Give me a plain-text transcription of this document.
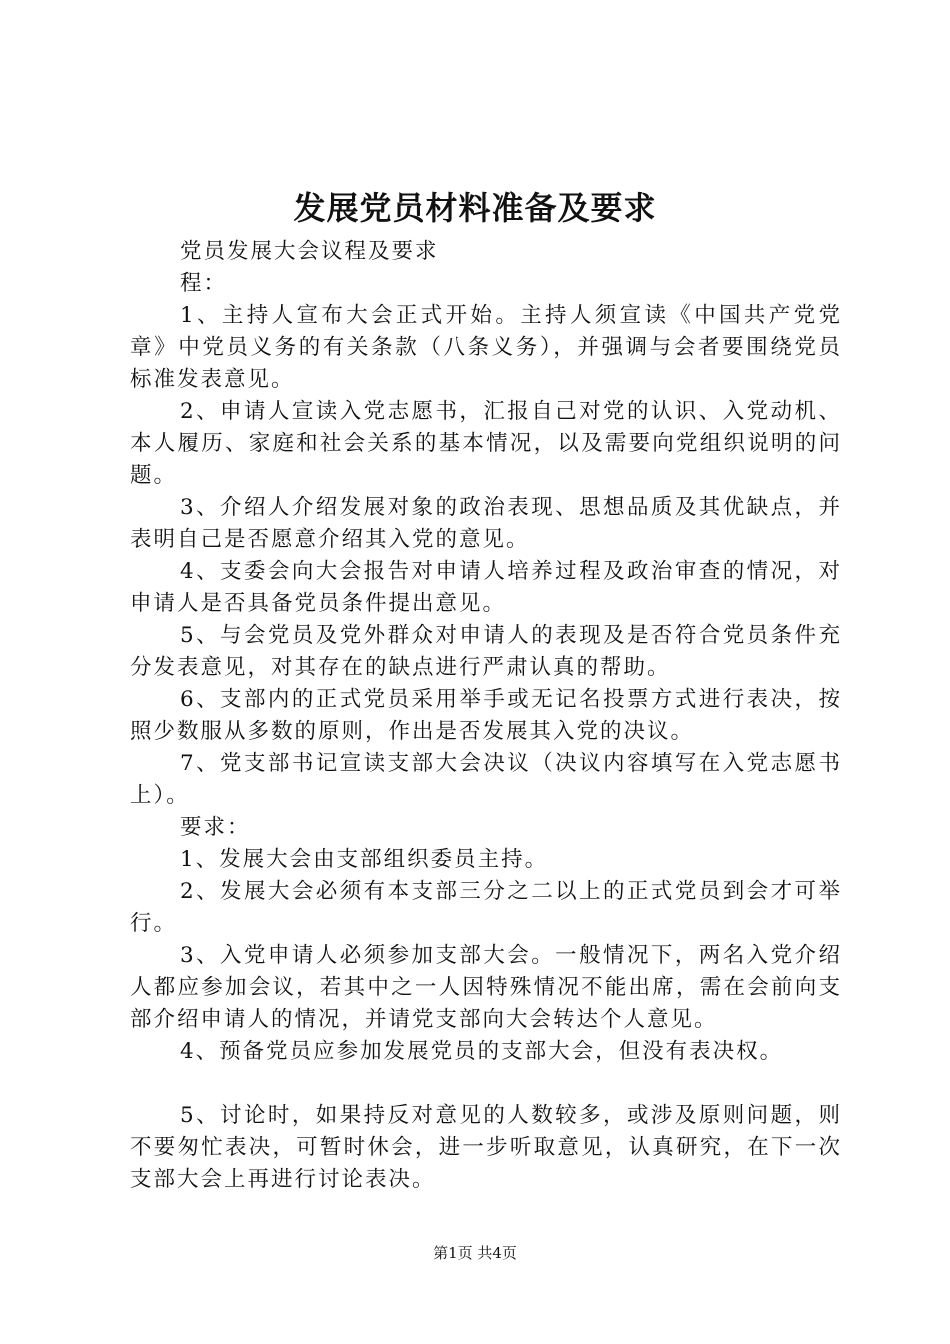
发展党员材料准备及要求

党员发展大会议程及要求

程：

1、主持人宣布大会正式开始。主持人须宣读《中国共产党党章》中党员义务的有关条款（八条义务），并强调与会者要围绕党员标准发表意见。

2、申请人宣读入党志愿书，汇报自己对党的认识、入党动机、本人履历、家庭和社会关系的基本情况，以及需要向党组织说明的问题。

3、介绍人介绍发展对象的政治表现、思想品质及其优缺点，并表明自己是否愿意介绍其入党的意见。

4、支委会向大会报告对申请人培养过程及政治审查的情况，对申请人是否具备党员条件提出意见。

5、与会党员及党外群众对申请人的表现及是否符合党员条件充分发表意见，对其存在的缺点进行严肃认真的帮助。

6、支部内的正式党员采用举手或无记名投票方式进行表决，按照少数服从多数的原则，作出是否发展其入党的决议。

7、党支部书记宣读支部大会决议（决议内容填写在入党志愿书上）。

要求：

1、发展大会由支部组织委员主持。

2、发展大会必须有本支部三分之二以上的正式党员到会才可举行。

3、入党申请人必须参加支部大会。一般情况下，两名入党介绍人都应参加会议，若其中之一人因特殊情况不能出席，需在会前向支部介绍申请人的情况，并请党支部向大会转达个人意见。

4、预备党员应参加发展党员的支部大会，但没有表决权。

5、讨论时，如果持反对意见的人数较多，或涉及原则问题，则不要匆忙表决，可暂时休会，进一步听取意见，认真研究，在下一次支部大会上再进行讨论表决。

第1页 共4页
